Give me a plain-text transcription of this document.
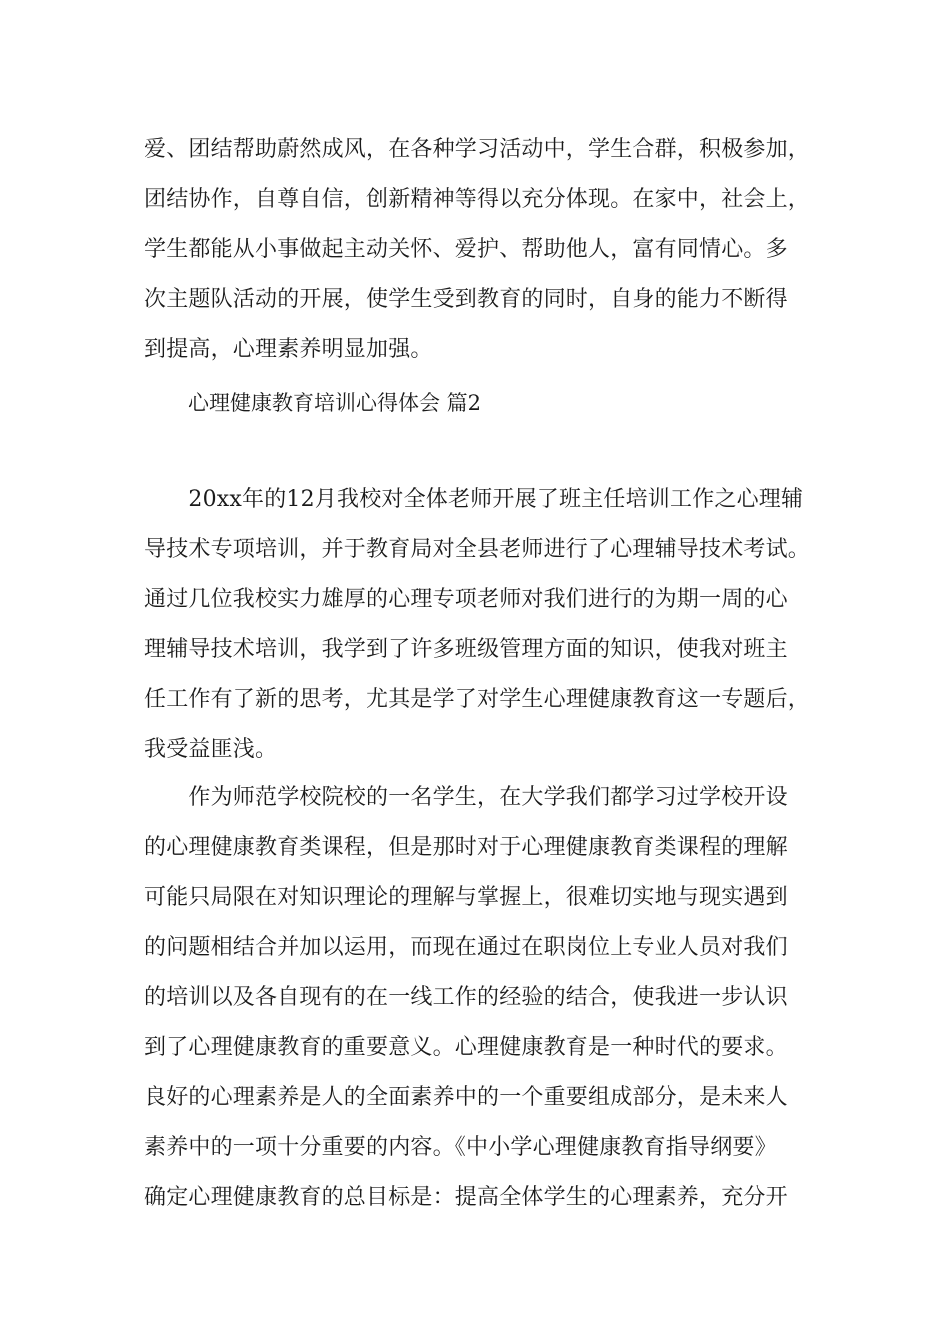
爱、团结帮助蔚然成风，在各种学习活动中，学生合群，积极参加，
团结协作，自尊自信，创新精神等得以充分体现。在家中，社会上，
学生都能从小事做起主动关怀、爱护、帮助他人，富有同情心。多
次主题队活动的开展，使学生受到教育的同时，自身的能力不断得
到提高，心理素养明显加强。
心理健康教育培训心得体会 篇2
　　20xx年的12月我校对全体老师开展了班主任培训工作之心理辅
导技术专项培训，并于教育局对全县老师进行了心理辅导技术考试。
通过几位我校实力雄厚的心理专项老师对我们进行的为期一周的心
理辅导技术培训，我学到了许多班级管理方面的知识，使我对班主
任工作有了新的思考，尤其是学了对学生心理健康教育这一专题后，
我受益匪浅。
　　作为师范学校院校的一名学生，在大学我们都学习过学校开设
的心理健康教育类课程，但是那时对于心理健康教育类课程的理解
可能只局限在对知识理论的理解与掌握上，很难切实地与现实遇到
的问题相结合并加以运用，而现在通过在职岗位上专业人员对我们
的培训以及各自现有的在一线工作的经验的结合，使我进一步认识
到了心理健康教育的重要意义。心理健康教育是一种时代的要求。
良好的心理素养是人的全面素养中的一个重要组成部分，是未来人
素养中的一项十分重要的内容。《中小学心理健康教育指导纲要》
确定心理健康教育的总目标是：提高全体学生的心理素养，充分开
